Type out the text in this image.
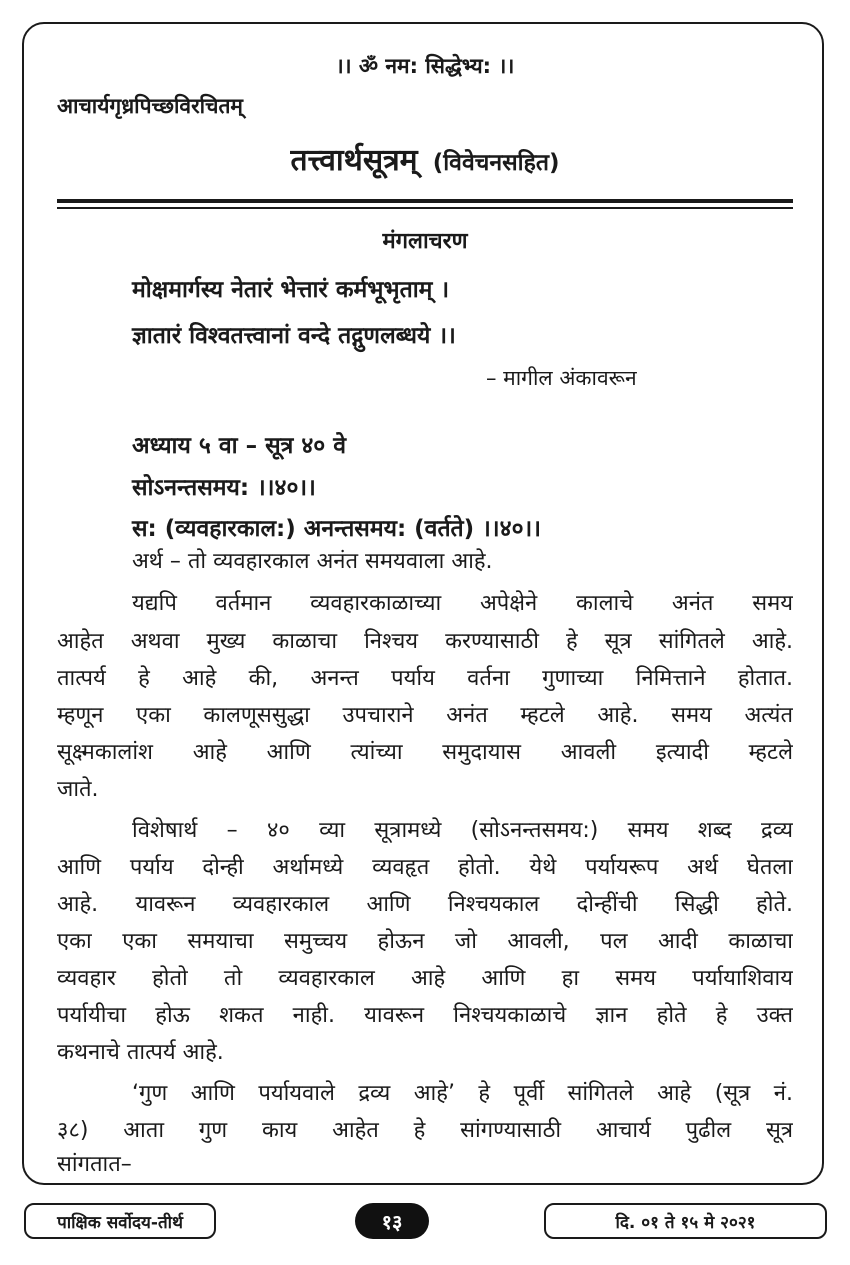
।। ॐ नम: सिद्धेभ्य: ।।
आचार्यगृध्रपिच्छविरचितम्
तत्त्वार्थसूत्रम् (विवेचनसहित)
मंगलाचरण
मोक्षमार्गस्य नेतारं भेत्तारं कर्मभूभृताम् ।
ज्ञातारं विश्वतत्त्वानां वन्दे तद्गुणलब्धये ।।
– मागील अंकावरून
अध्याय ५ वा – सूत्र ४० वे
सोऽनन्तसमय: ।।४०।।
स: (व्यवहारकाल:) अनन्तसमय: (वर्तते) ।।४०।।
अर्थ – तो व्यवहारकाल अनंत समयवाला आहे.
यद्यपि वर्तमान व्यवहारकाळाच्या अपेक्षेने कालाचे अनंत समय
आहेत अथवा मुख्य काळाचा निश्चय करण्यासाठी हे सूत्र सांगितले आहे.
तात्पर्य हे आहे की, अनन्त पर्याय वर्तना गुणाच्या निमित्ताने होतात.
म्हणून एका कालणूससुद्धा उपचाराने अनंत म्हटले आहे. समय अत्यंत
सूक्ष्मकालांश आहे आणि त्यांच्या समुदायास आवली इत्यादी म्हटले
जाते.
विशेषार्थ – ४० व्या सूत्रामध्ये (सोऽनन्तसमय:) समय शब्द द्रव्य
आणि पर्याय दोन्ही अर्थामध्ये व्यवहृत होतो. येथे पर्यायरूप अर्थ घेतला
आहे. यावरून व्यवहारकाल आणि निश्चयकाल दोन्हींची सिद्धी होते.
एका एका समयाचा समुच्चय होऊन जो आवली, पल आदी काळाचा
व्यवहार होतो तो व्यवहारकाल आहे आणि हा समय पर्यायाशिवाय
पर्यायीचा होऊ शकत नाही. यावरून निश्चयकाळाचे ज्ञान होते हे उक्त
कथनाचे तात्पर्य आहे.
‘गुण आणि पर्यायवाले द्रव्य आहे’ हे पूर्वी सांगितले आहे (सूत्र नं.
३८) आता गुण काय आहेत हे सांगण्यासाठी आचार्य पुढील सूत्र
सांगतात–
पाक्षिक सर्वोदय-तीर्थ	१३	दि. ०१ ते १५ मे २०२१
